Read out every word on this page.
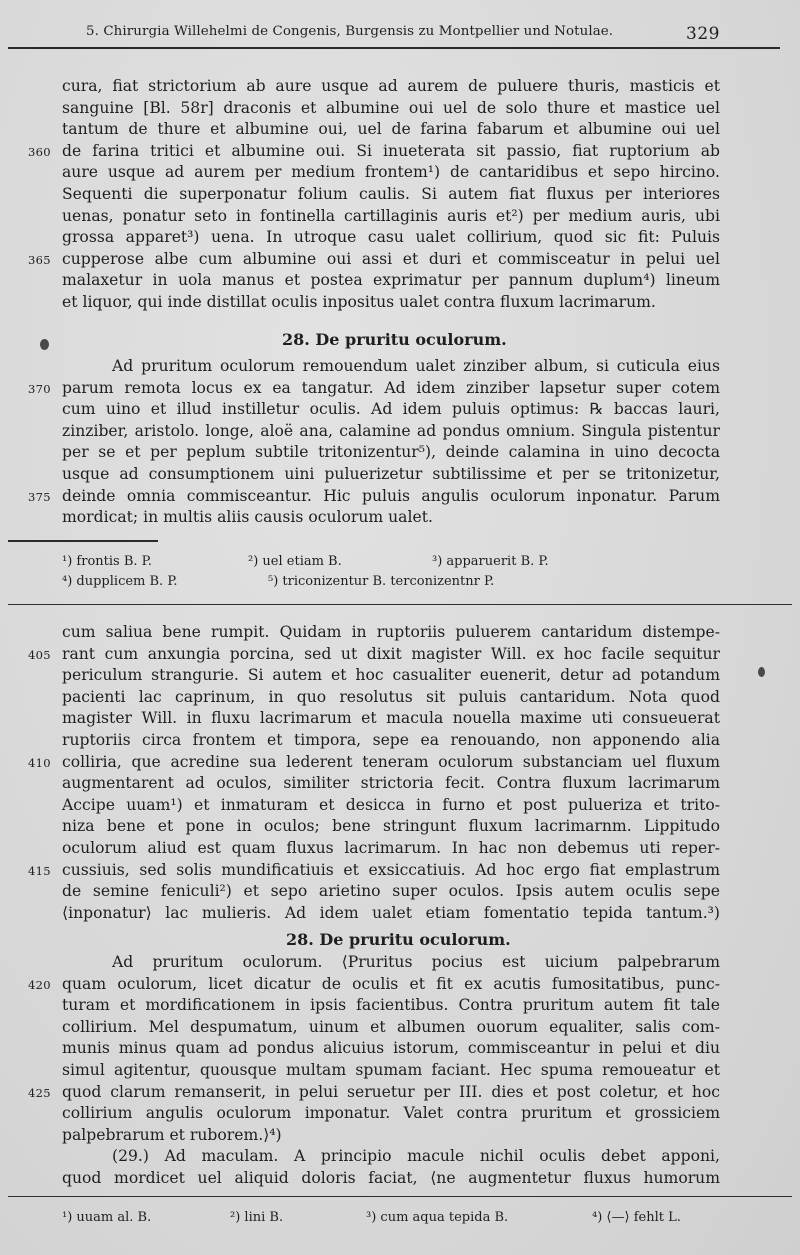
5. Chirurgia Willehelmi de Congenis, Burgensis zu Montpellier und Notulae.	329
cura, fiat strictorium ab aure usque ad aurem de puluere thuris, masticis et
sanguine [Bl. 58r] draconis et albumine oui uel de solo thure et mastice uel
tantum de thure et albumine oui, uel de farina fabarum et albumine oui uel
de farina tritici et albumine oui. Si inueterata sit passio, fiat ruptorium ab
360
aure usque ad aurem per medium frontem¹) de cantaridibus et sepo hircino.
Sequenti die superponatur folium caulis. Si autem fiat fluxus per interiores
uenas, ponatur seto in fontinella cartillaginis auris et²) per medium auris, ubi
grossa apparet³) uena. In utroque casu ualet collirium, quod sic fit: Puluis
cupperose albe cum albumine oui assi et duri et commisceatur in pelui uel
365
malaxetur in uola manus et postea exprimatur per pannum duplum⁴) lineum
et liquor, qui inde distillat oculis inpositus ualet contra fluxum lacrimarum.
Ad pruritum oculorum remouendum ualet zinziber album, si cuticula eius
parum remota locus ex ea tangatur. Ad idem zinziber lapsetur super cotem
370
cum uino et illud instilletur oculis. Ad idem puluis optimus: ℞ baccas lauri,
zinziber, aristolo. longe, aloë ana, calamine ad pondus omnium. Singula pistentur
per se et per peplum subtile tritonizentur⁵), deinde calamina in uino decocta
usque ad consumptionem uini puluerizetur subtilissime et per se tritonizetur,
deinde omnia commisceantur. Hic puluis angulis oculorum inponatur. Parum
375
mordicat; in multis aliis causis oculorum ualet.
28. De pruritu oculorum.
¹) frontis B. P.	²) uel etiam B.	³) apparuerit B. P.
⁴) dupplicem B. P.	⁵) triconizentur B. terconizentnr P.
cum saliua bene rumpit. Quidam in ruptoriis puluerem cantaridum distempe-
rant cum anxungia porcina, sed ut dixit magister Will. ex hoc facile sequitur
405
periculum strangurie. Si autem et hoc casualiter euenerit, detur ad potandum
pacienti lac caprinum, in quo resolutus sit puluis cantaridum. Nota quod
magister Will. in fluxu lacrimarum et macula nouella maxime uti consueuerat
ruptoriis circa frontem et timpora, sepe ea renouando, non apponendo alia
colliria, que acredine sua lederent teneram oculorum substanciam uel fluxum
410
augmentarent ad oculos, similiter strictoria fecit. Contra fluxum lacrimarum
Accipe uuam¹) et inmaturam et desicca in furno et post pulueriza et trito-
niza bene et pone in oculos; bene stringunt fluxum lacrimarnm. Lippitudo
oculorum aliud est quam fluxus lacrimarum. In hac non debemus uti reper-
cussiuis, sed solis mundificatiuis et exsiccatiuis. Ad hoc ergo fiat emplastrum
415
de semine feniculi²) et sepo arietino super oculos. Ipsis autem oculis sepe
⟨inponatur⟩ lac mulieris. Ad idem ualet etiam fomentatio tepida tantum.³)
Ad pruritum oculorum. ⟨Pruritus pocius est uicium palpebrarum
quam oculorum, licet dicatur de oculis et fit ex acutis fumositatibus, punc-
420
turam et mordificationem in ipsis facientibus. Contra pruritum autem fit tale
collirium. Mel despumatum, uinum et albumen ouorum equaliter, salis com-
munis minus quam ad pondus alicuius istorum, commisceantur in pelui et diu
simul agitentur, quousque multam spumam faciant. Hec spuma remoueatur et
quod clarum remanserit, in pelui seruetur per III. dies et post coletur, et hoc
425
collirium angulis oculorum imponatur. Valet contra pruritum et grossiciem
palpebrarum et ruborem.⟩⁴)
(29.) Ad maculam. A principio macule nichil oculis debet apponi,
quod mordicet uel aliquid doloris faciat, ⟨ne augmentetur fluxus humorum
28. De pruritu oculorum.
¹) uuam al. B.	²) lini B.	³) cum aqua tepida B.	⁴) ⟨—⟩ fehlt L.
